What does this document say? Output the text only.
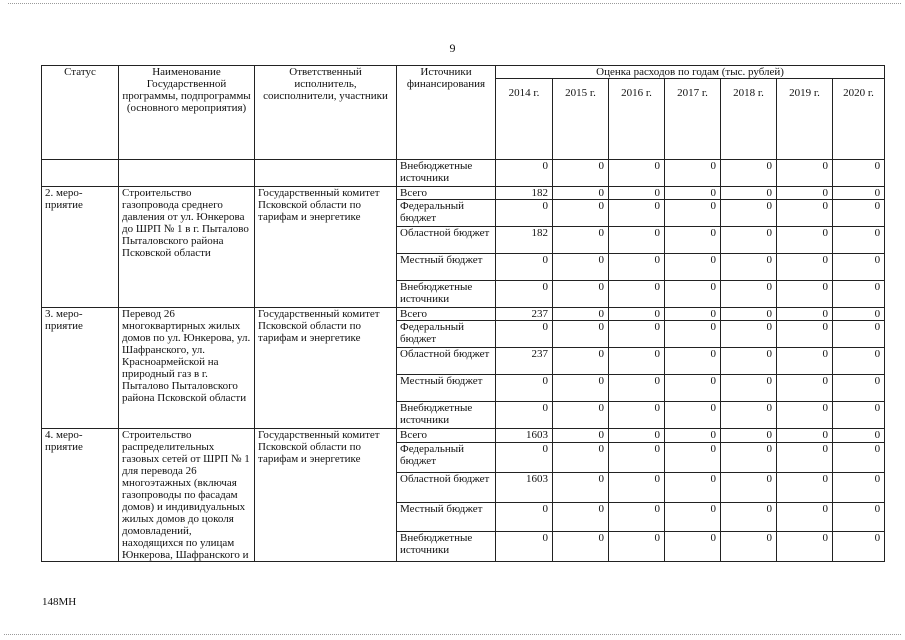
9
Статус	Наименование Государственной программы, подпрограммы (основного мероприятия)	Ответственный исполнитель, соисполнители, участники	Источники финансирования	Оценка расходов по годам (тыс. рублей)						
				2014 г.	2015 г.	2016 г.	2017 г.	2018 г.	2019 г.	2020 г.
			Внебюджетные источники	0	0	0	0	0	0	0
2. меро- приятие	Строительство газопровода среднего давления от ул. Юнкерова до ШРП № 1 в г. Пыталово Пыталовского района Псковской области	Государственный комитет Псковской области по тарифам и энергетике	Всего	182	0	0	0	0	0	0
			Федеральный бюджет	0	0	0	0	0	0	0
			Областной бюджет	182	0	0	0	0	0	0
			Местный бюджет	0	0	0	0	0	0	0
			Внебюджетные источники	0	0	0	0	0	0	0
3. меро- приятие	Перевод 26 многоквартирных жилых домов по ул. Юнкерова, ул. Шафранского, ул. Красноармейской на природный газ в г. Пыталово Пыталовского района Псковской области	Государственный комитет Псковской области по тарифам и энергетике	Всего	237	0	0	0	0	0	0
			Федеральный бюджет	0	0	0	0	0	0	0
			Областной бюджет	237	0	0	0	0	0	0
			Местный бюджет	0	0	0	0	0	0	0
			Внебюджетные источники	0	0	0	0	0	0	0
4. меро- приятие	Строительство распределительных газовых сетей от ШРП № 1 для перевода 26 многоэтажных (включая газопроводы по фасадам домов) и индивидуальных жилых домов до цоколя домовладений, находящихся по улицам Юнкерова, Шафранского и	Государственный комитет Псковской области по тарифам и энергетике	Всего	1603	0	0	0	0	0	0
			Федеральный бюджет	0	0	0	0	0	0	0
			Областной бюджет	1603	0	0	0	0	0	0
			Местный бюджет	0	0	0	0	0	0	0
			Внебюджетные источники	0	0	0	0	0	0	0
148МН
